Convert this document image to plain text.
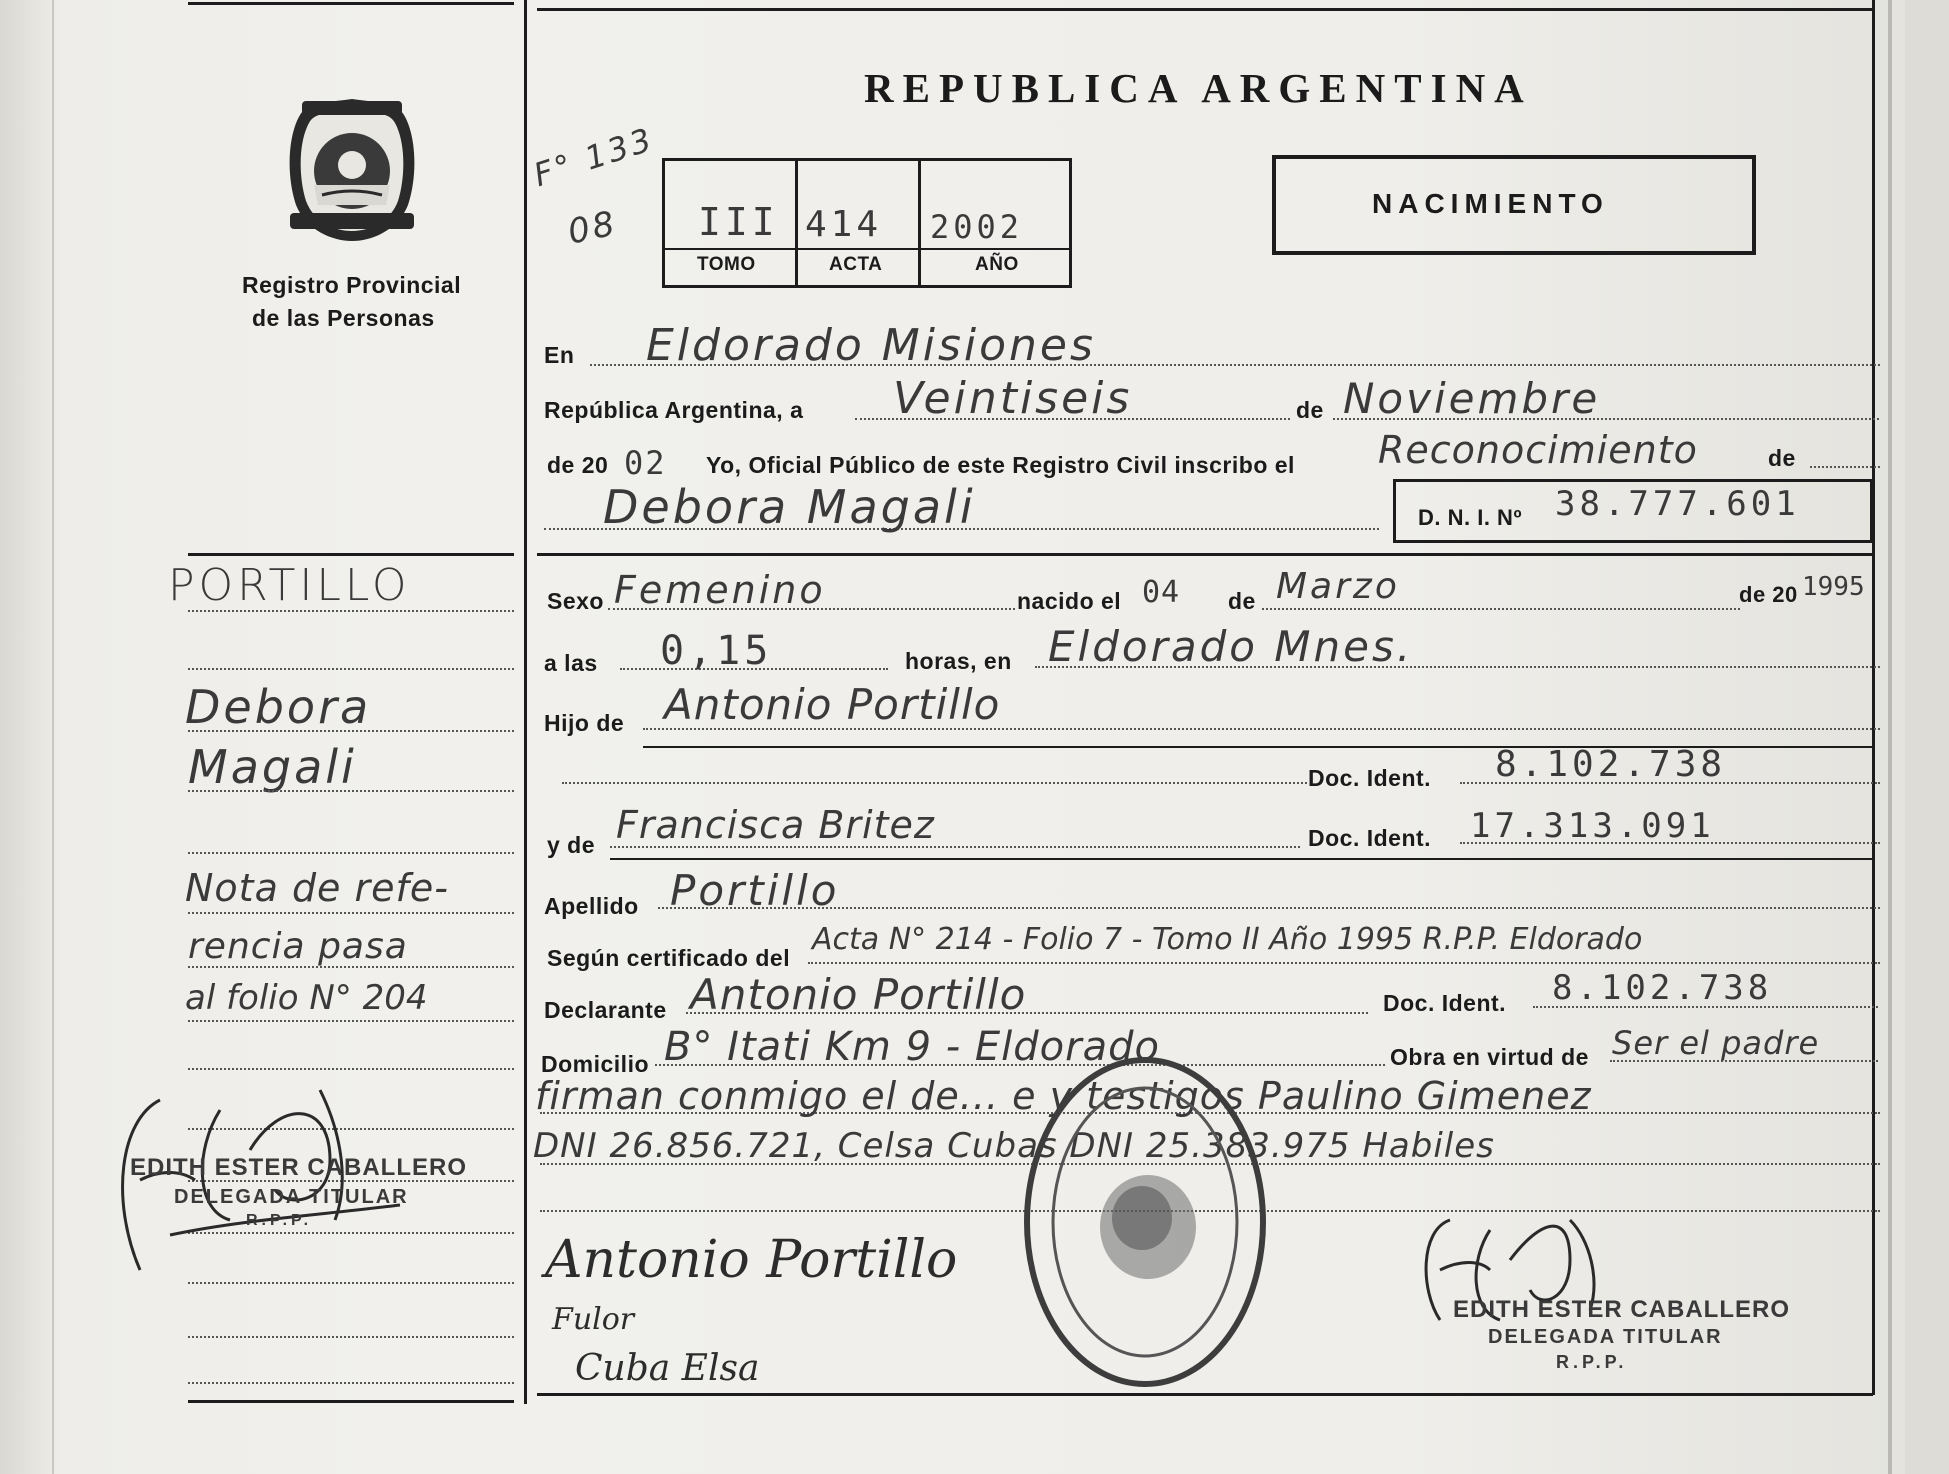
Registro Provincial
de las Personas
REPUBLICA ARGENTINA
F° 133
08 III 414 2002
TOMO	ACTA	AÑO
NACIMIENTO
En Eldorado Misiones
República Argentina, a Veintiseis	de Noviembre
de 20 02 Yo, Oficial Público de este Registro Civil inscribo el Reconocimiento	de
Debora Magali	D. N. I. Nº 38.777.601
Sexo Femenino	nacido el 04 de Marzo	de 20 1995
a las 0,15	horas, en Eldorado Mnes.
Hijo de Antonio Portillo
Doc. Ident. 8.102.738
y de Francisca Britez	Doc. Ident. 17.313.091
Apellido Portillo
Según certificado del
Acta N° 214 - Folio 7 - Tomo II Año 1995 R.P.P. Eldorado
Declarante Antonio Portillo	Doc. Ident. 8.102.738
Domicilio B° Itati Km 9 - Eldorado	Obra en virtud de Ser el padre
firman conmigo el de... e y testigos Paulino Gimenez
DNI 26.856.721, Celsa Cubas DNI 25.383.975 Habiles
Antonio Portillo
Fulor
Cuba Elsa
EDITH ESTER CABALLERO
DELEGADA TITULAR
R.P.P.
PORTILLO
Debora
Magali
Nota de refe-
rencia pasa
al folio N° 204
EDITH ESTER CABALLERO
DELEGADA TITULAR
R.P.P.
